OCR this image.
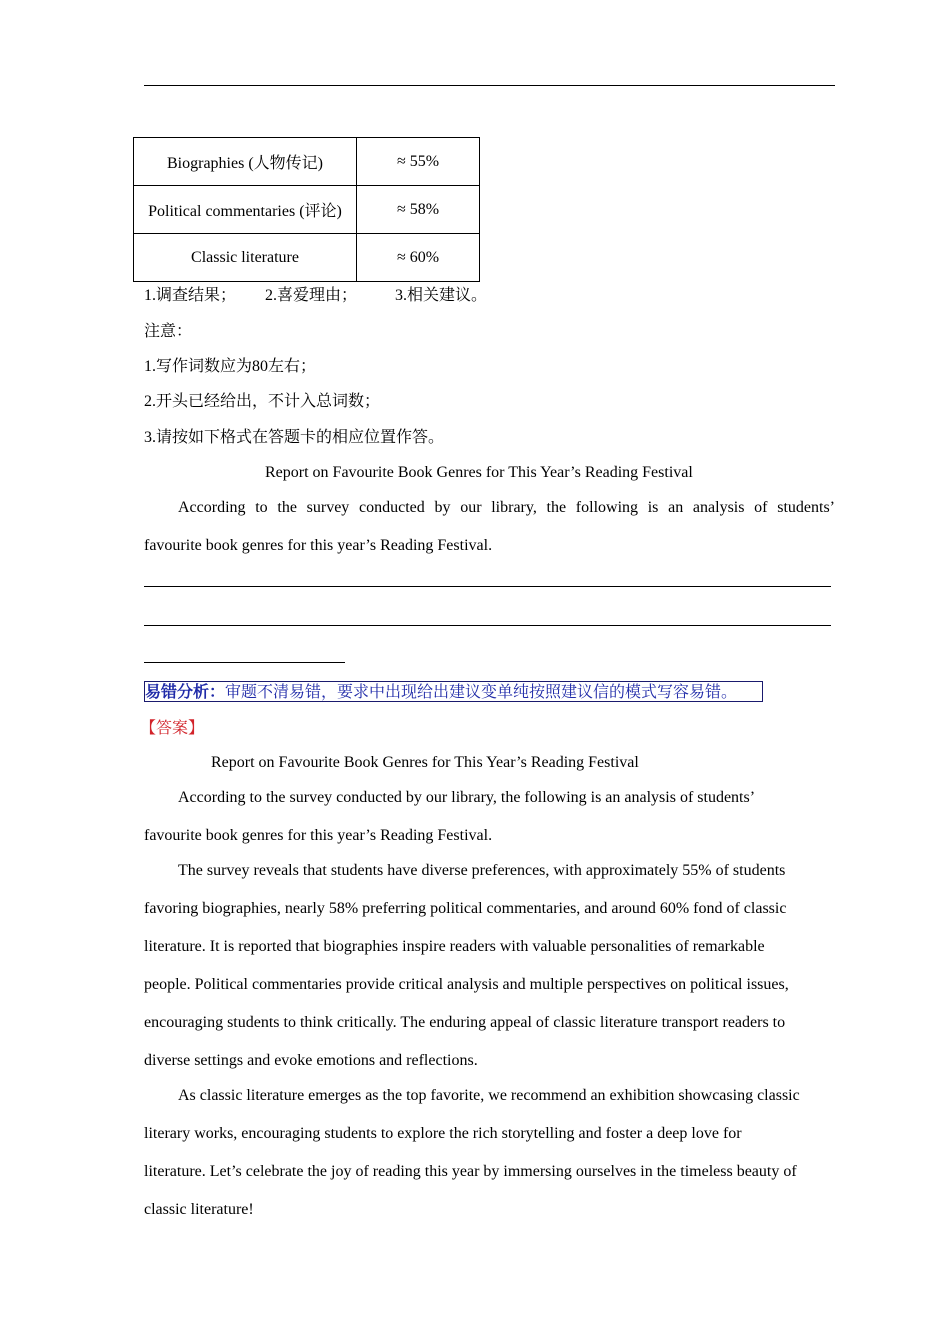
Biographies (人物传记)	≈ 55%
Political commentaries (评论)	≈ 58%
Classic literature	≈ 60%
1.调查结果； 2.喜爱理由； 3.相关建议。
注意：
1.写作词数应为80左右；
2.开头已经给出，不计入总词数；
3.请按如下格式在答题卡的相应位置作答。
Report on Favourite Book Genres for This Year’s Reading Festival
According to the survey conducted by our library, the following is an analysis of students’
favourite book genres for this year’s Reading Festival.
易错分析：审题不清易错，要求中出现给出建议变单纯按照建议信的模式写容易错。
【答案】
Report on Favourite Book Genres for This Year’s Reading Festival
According to the survey conducted by our library, the following is an analysis of students’
favourite book genres for this year’s Reading Festival.
The survey reveals that students have diverse preferences, with approximately 55% of students
favoring biographies, nearly 58% preferring political commentaries, and around 60% fond of classic
literature. It is reported that biographies inspire readers with valuable personalities of remarkable
people. Political commentaries provide critical analysis and multiple perspectives on political issues,
encouraging students to think critically. The enduring appeal of classic literature transport readers to
diverse settings and evoke emotions and reflections.
As classic literature emerges as the top favorite, we recommend an exhibition showcasing classic
literary works, encouraging students to explore the rich storytelling and foster a deep love for
literature. Let’s celebrate the joy of reading this year by immersing ourselves in the timeless beauty of
classic literature!
